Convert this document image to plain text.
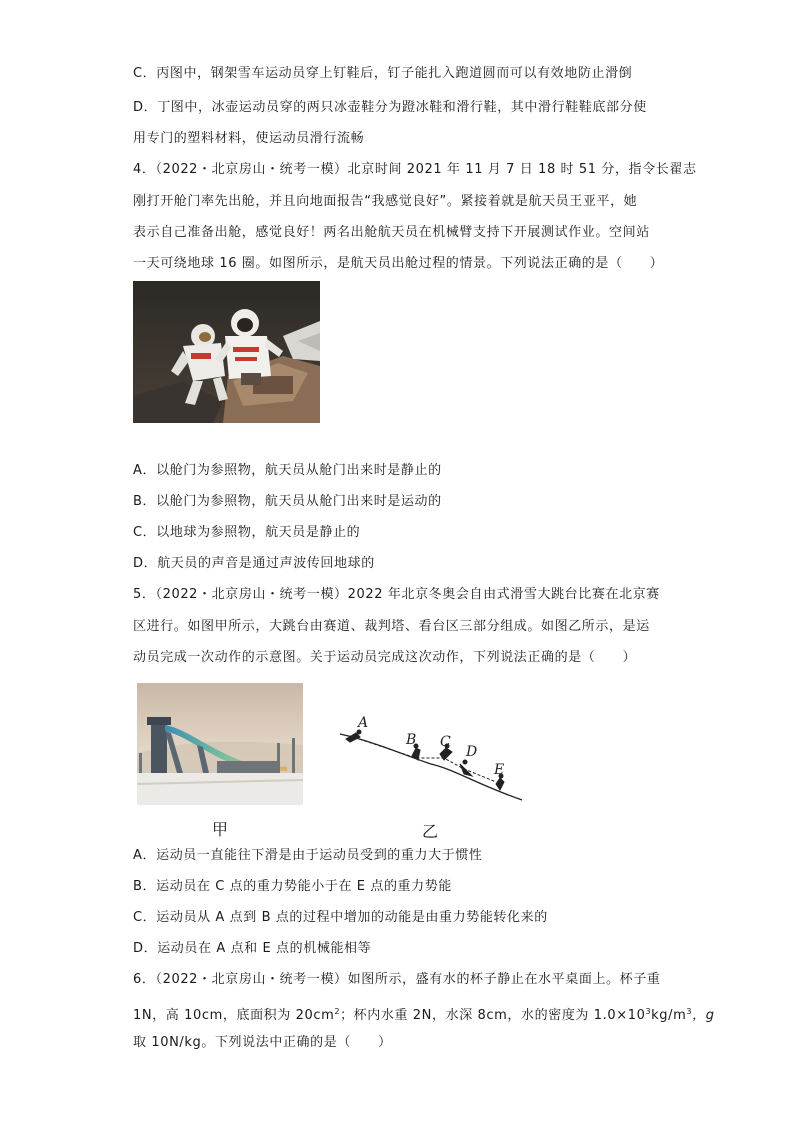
C．丙图中，钢架雪车运动员穿上钉鞋后，钉子能扎入跑道圆而可以有效地防止滑倒
D．丁图中，冰壶运动员穿的两只冰壶鞋分为蹬冰鞋和滑行鞋，其中滑行鞋鞋底部分使
用专门的塑料材料，使运动员滑行流畅
4．（2022・北京房山・统考一模）北京时间 2021 年 11 月 7 日 18 时 51 分，指令长翟志
刚打开舱门率先出舱，并且向地面报告“我感觉良好”。紧接着就是航天员王亚平，她
表示自己准备出舱，感觉良好！两名出舱航天员在机械臂支持下开展测试作业。空间站
一天可绕地球 16 圈。如图所示，是航天员出舱过程的情景。下列说法正确的是（　　）
A．以舱门为参照物，航天员从舱门出来时是静止的
B．以舱门为参照物，航天员从舱门出来时是运动的
C．以地球为参照物，航天员是静止的
D．航天员的声音是通过声波传回地球的
5．（2022・北京房山・统考一模）2022 年北京冬奥会自由式滑雪大跳台比赛在北京赛
区进行。如图甲所示，大跳台由赛道、裁判塔、看台区三部分组成。如图乙所示，是运
动员完成一次动作的示意图。关于运动员完成这次动作，下列说法正确的是（　　）
A
B C
D
E
甲	乙
A．运动员一直能往下滑是由于运动员受到的重力大于惯性
B．运动员在 C 点的重力势能小于在 E 点的重力势能
C．运动员从 A 点到 B 点的过程中增加的动能是由重力势能转化来的
D．运动员在 A 点和 E 点的机械能相等
6．（2022・北京房山・统考一模）如图所示，盛有水的杯子静止在水平桌面上。杯子重
1N，高 10cm，底面积为 $20cm^2$；杯内水重 2N，水深 8cm，水的密度为 $1.0\times 10^3kg/m^3$，g
取 10N/kg。下列说法中正确的是（　　）
